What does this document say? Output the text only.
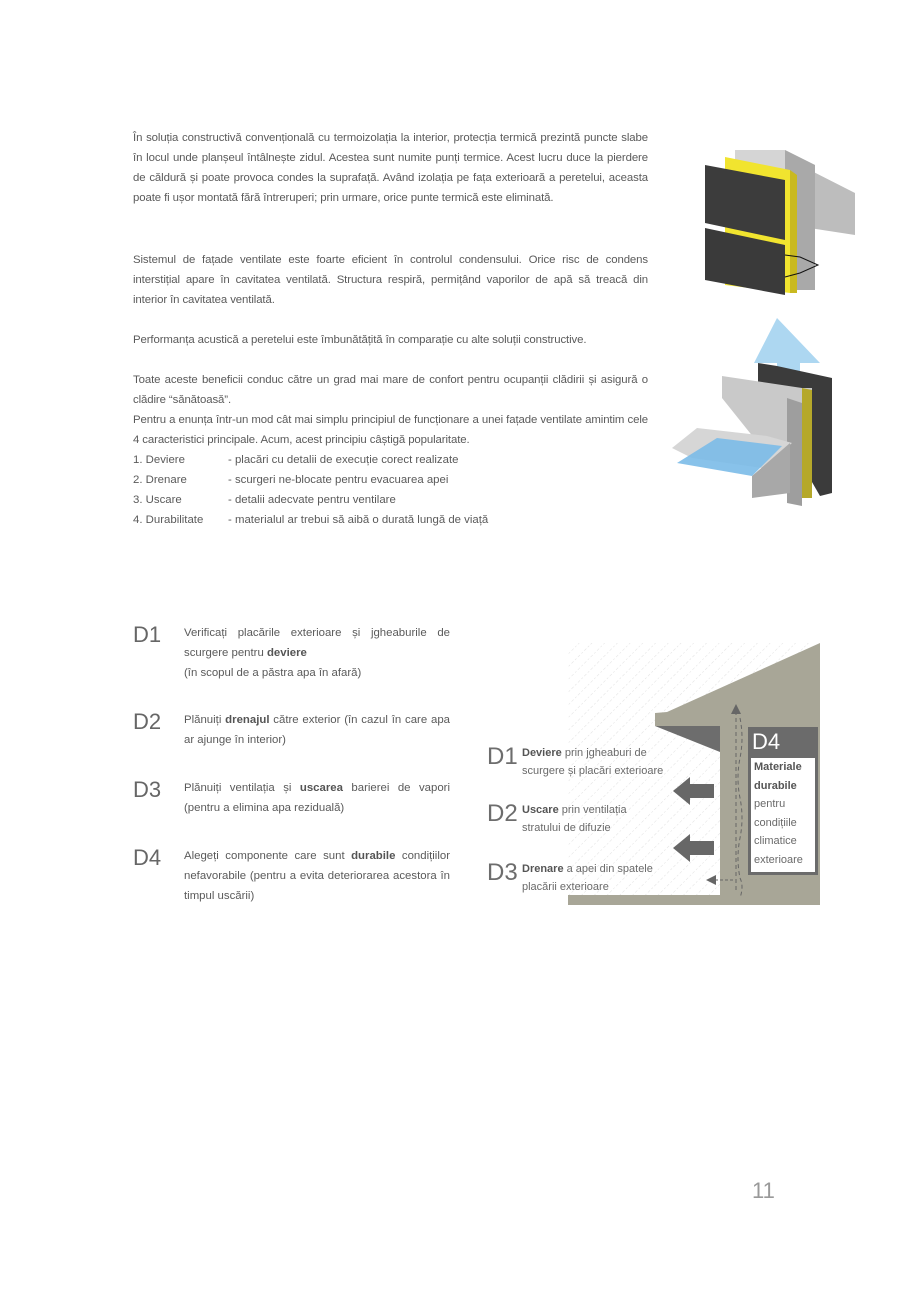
În soluția constructivă convențională cu termoizolația la interior, protecția termică prezintă puncte slabe în locul unde planșeul întâlnește zidul. Acestea sunt numite punți termice. Acest lucru duce la pierdere de căldură și poate provoca condes la suprafață. Având izolația pe fața exterioară a peretelui, aceasta poate fi ușor montată fără întreruperi; prin urmare, orice punte termică este eliminată.

Sistemul de fațade ventilate este foarte eficient în controlul condensului. Orice risc de condens interstițial apare în cavitatea ventilată. Structura respiră, permițând vaporilor de apă să treacă din interior în cavitatea ventilată.

Performanța acustică a peretelui este îmbunătățită în comparație cu alte soluții constructive.

Toate aceste beneficii conduc către un grad mai mare de confort pentru ocupanții clădirii și asigură o clădire “sănătoasă”.

Pentru a enunța într-un mod cât mai simplu principiul de funcționare a unei fațade ventilate amintim cele 4 caracteristici principale. Acum, acest principiu câștigă popularitate.

1. Deviere	- placări cu detalii de execuție corect realizate
2. Drenare	- scurgeri ne-blocate pentru evacuarea apei
3. Uscare	- detalii adecvate pentru ventilare
4. Durabilitate	- materialul ar trebui să aibă o durată lungă de viață
D1	Verificați placările exterioare și jgheaburile de scurgere pentru deviere
(în scopul de a păstra apa în afară)
D2	Plănuiți drenajul către exterior (în cazul în care apa ar ajunge în interior)
D3	Plănuiți ventilația și uscarea barierei de vapori (pentru a elimina apa reziduală)
D4	Alegeți componente care sunt durabile condițiilor nefavorabile (pentru a evita deteriorarea acestora în timpul uscării)
D1 Deviere prin jgheaburi de scurgere și placări exterioare
D2 Uscare prin ventilația stratului de difuzie
D3 Drenare a apei din spatele placării exterioare
D4
Materiale durabile
pentru condițiile climatice exterioare
11
